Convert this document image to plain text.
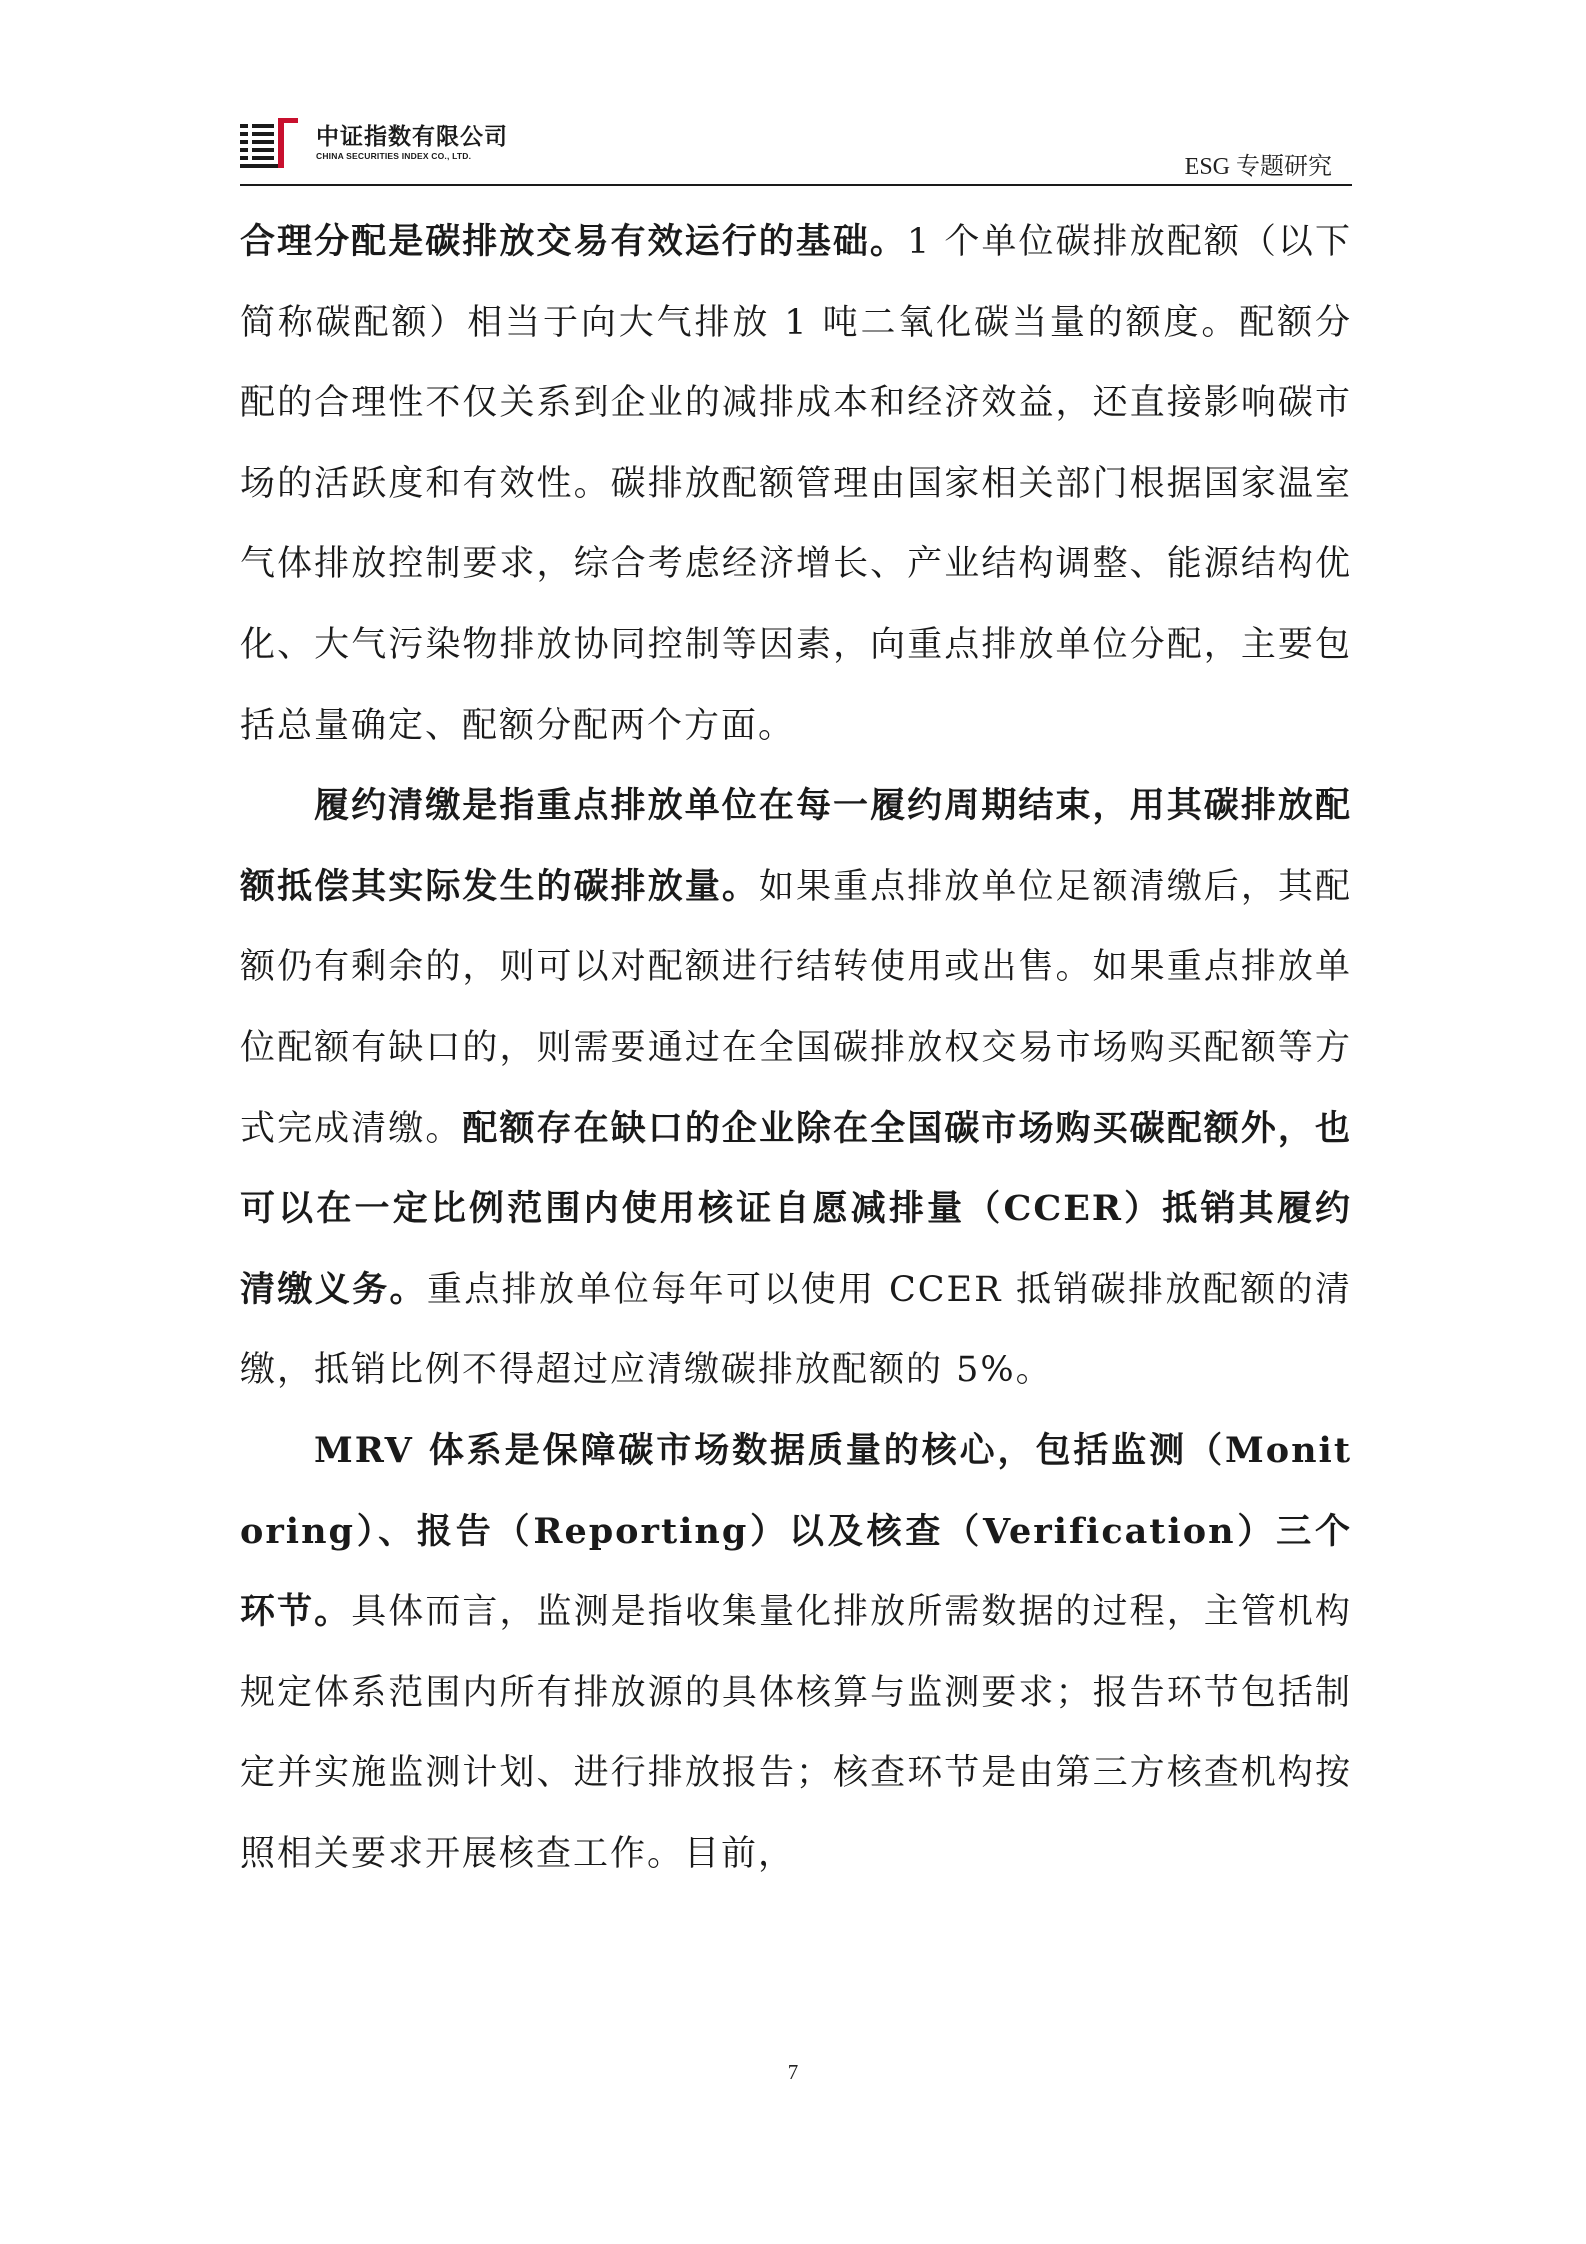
中证指数有限公司
CHINA SECURITIES INDEX CO., LTD.	ESG 专题研究

合理分配是碳排放交易有效运行的基础。1 个单位碳排放配额（以下简称碳配额）相当于向大气排放 1 吨二氧化碳当量的额度。配额分配的合理性不仅关系到企业的减排成本和经济效益，还直接影响碳市场的活跃度和有效性。碳排放配额管理由国家相关部门根据国家温室气体排放控制要求，综合考虑经济增长、产业结构调整、能源结构优化、大气污染物排放协同控制等因素，向重点排放单位分配，主要包括总量确定、配额分配两个方面。

履约清缴是指重点排放单位在每一履约周期结束，用其碳排放配额抵偿其实际发生的碳排放量。如果重点排放单位足额清缴后，其配额仍有剩余的，则可以对配额进行结转使用或出售。如果重点排放单位配额有缺口的，则需要通过在全国碳排放权交易市场购买配额等方式完成清缴。配额存在缺口的企业除在全国碳市场购买碳配额外，也可以在一定比例范围内使用核证自愿减排量（CCER）抵销其履约清缴义务。重点排放单位每年可以使用 CCER 抵销碳排放配额的清缴，抵销比例不得超过应清缴碳排放配额的 5%。

MRV 体系是保障碳市场数据质量的核心，包括监测（Monitoring）、报告（Reporting）以及核查（Verification）三个环节。具体而言，监测是指收集量化排放所需数据的过程，主管机构规定体系范围内所有排放源的具体核算与监测要求；报告环节包括制定并实施监测计划、进行排放报告；核查环节是由第三方核查机构按照相关要求开展核查工作。目前，

7
